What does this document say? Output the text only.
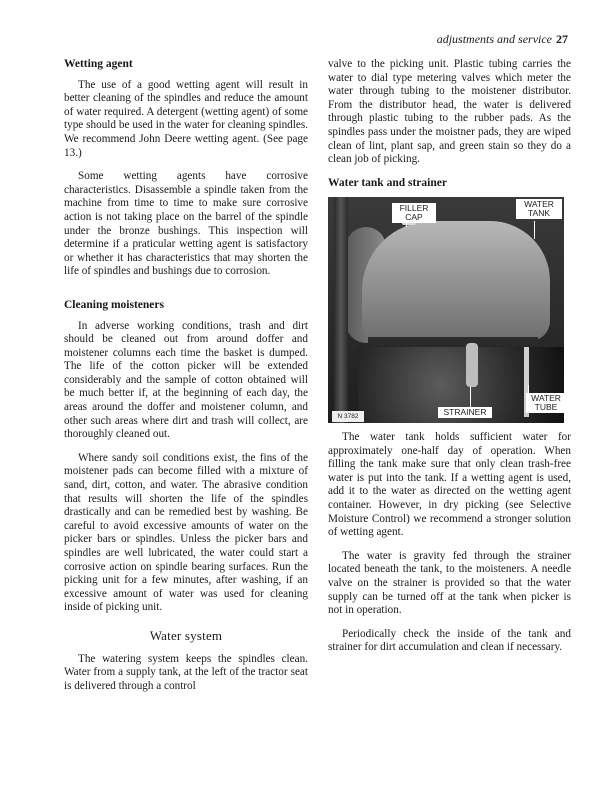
adjustments and service 27
Wetting agent

The use of a good wetting agent will result in better cleaning of the spindles and reduce the amount of water required. A detergent (wetting agent) of some type should be used in the water for cleaning spindles. We recommend John Deere wetting agent. (See page 13.)

Some wetting agents have corrosive characteristics. Disassemble a spindle taken from the machine from time to time to make sure corrosive action is not taking place on the barrel of the spindle under the bronze bushings. This inspection will determine if a praticular wetting agent is satisfactory or whether it has characteristics that may shorten the life of spindles and bushings due to corrosion.

Cleaning moisteners

In adverse working conditions, trash and dirt should be cleaned out from around doffer and moistener columns each time the basket is dumped. The life of the cotton picker will be extended considerably and the sample of cotton obtained will be much better if, at the beginning of each day, the areas around the doffer and moistener column, and other such areas where dirt and trash will collect, are thoroughly cleaned out.

Where sandy soil conditions exist, the fins of the moistener pads can become filled with a mixture of sand, dirt, cotton, and water. The abrasive condition that results will shorten the life of the spindles drastically and can be remedied best by washing. Be careful to avoid excessive amounts of water on the picker bars or spindles. Unless the picker bars and spindles are well lubricated, the water could start a corrosive action on spindle bearing surfaces. Run the picking unit for a few minutes, after washing, if an excessive amount of water was used for cleaning inside of picking unit.

Water system

The watering system keeps the spindles clean. Water from a supply tank, at the left of the tractor seat is delivered through a control

valve to the picking unit. Plastic tubing carries the water to dial type metering valves which meter the water through tubing to the moistener distributor. From the distributor head, the water is delivered through plastic tubing to the rubber pads. As the spindles pass under the moistner pads, they are wiped clean of lint, plant sap, and green stain so they do a clean job of picking.

Water tank and strainer
FILLER CAP
WATER TANK
STRAINER
WATER TUBE
N 3782

The water tank holds sufficient water for approximately one-half day of operation. When filling the tank make sure that only clean trash-free water is put into the tank. If a wetting agent is used, add it to the water as directed on the wetting agent container. However, in dry picking (see Selective Moisture Control) we recommend a stronger solution of wetting agent.

The water is gravity fed through the strainer located beneath the tank, to the moisteners. A needle valve on the strainer is provided so that the water supply can be turned off at the tank when picker is not in operation.

Periodically check the inside of the tank and strainer for dirt accumulation and clean if necessary.
